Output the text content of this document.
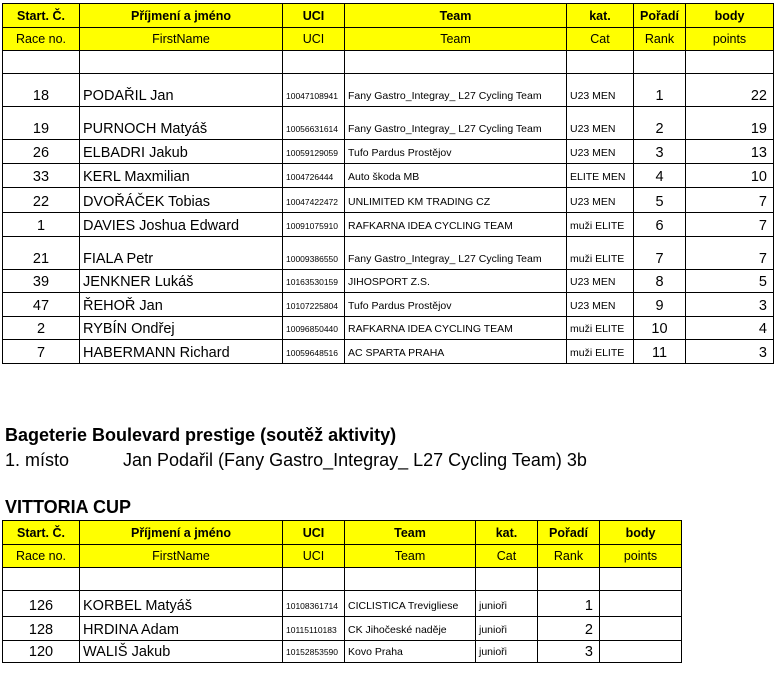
Start. Č.	Příjmení a jméno	UCI	Team	kat.	Pořadí	body
Race no.	FirstName	UCI	Team	Cat	Rank	points

18	PODAŘIL Jan	10047108941	Fany Gastro_Integray_ L27 Cycling Team	U23 MEN	1	22
19	PURNOCH Matyáš	10056631614	Fany Gastro_Integray_ L27 Cycling Team	U23 MEN	2	19
26	ELBADRI Jakub	10059129059	Tufo Pardus Prostějov	U23 MEN	3	13
33	KERL Maxmilian	1004726444	Auto škoda MB	ELITE MEN	4	10
22	DVOŘÁČEK Tobias	10047422472	UNLIMITED KM TRADING CZ	U23 MEN	5	7
1	DAVIES Joshua Edward	10091075910	RAFKARNA IDEA CYCLING TEAM	muži ELITE	6	7
21	FIALA Petr	10009386550	Fany Gastro_Integray_ L27 Cycling Team	muži ELITE	7	7
39	JENKNER Lukáš	10163530159	JIHOSPORT Z.S.	U23 MEN	8	5
47	ŘEHOŘ Jan	10107225804	Tufo Pardus Prostějov	U23 MEN	9	3
2	RYBÍN Ondřej	10096850440	RAFKARNA IDEA CYCLING TEAM	muži ELITE	10	4
7	HABERMANN Richard	10059648516	AC SPARTA PRAHA	muži ELITE	11	3
Bageterie Boulevard prestige (soutěž aktivity)
1. místo	Jan Podařil (Fany Gastro_Integray_ L27 Cycling Team) 3b
VITTORIA CUP
Start. Č.	Příjmení a jméno	UCI	Team	kat.	Pořadí	body
Race no.	FirstName	UCI	Team	Cat	Rank	points

126	KORBEL Matyáš	10108361714	CICLISTICA Trevigliese	junioři	1	
128	HRDINA Adam	10115110183	CK Jihočeské naděje	junioři	2	
120	WALIŠ Jakub	10152853590	Kovo Praha	junioři	3	
